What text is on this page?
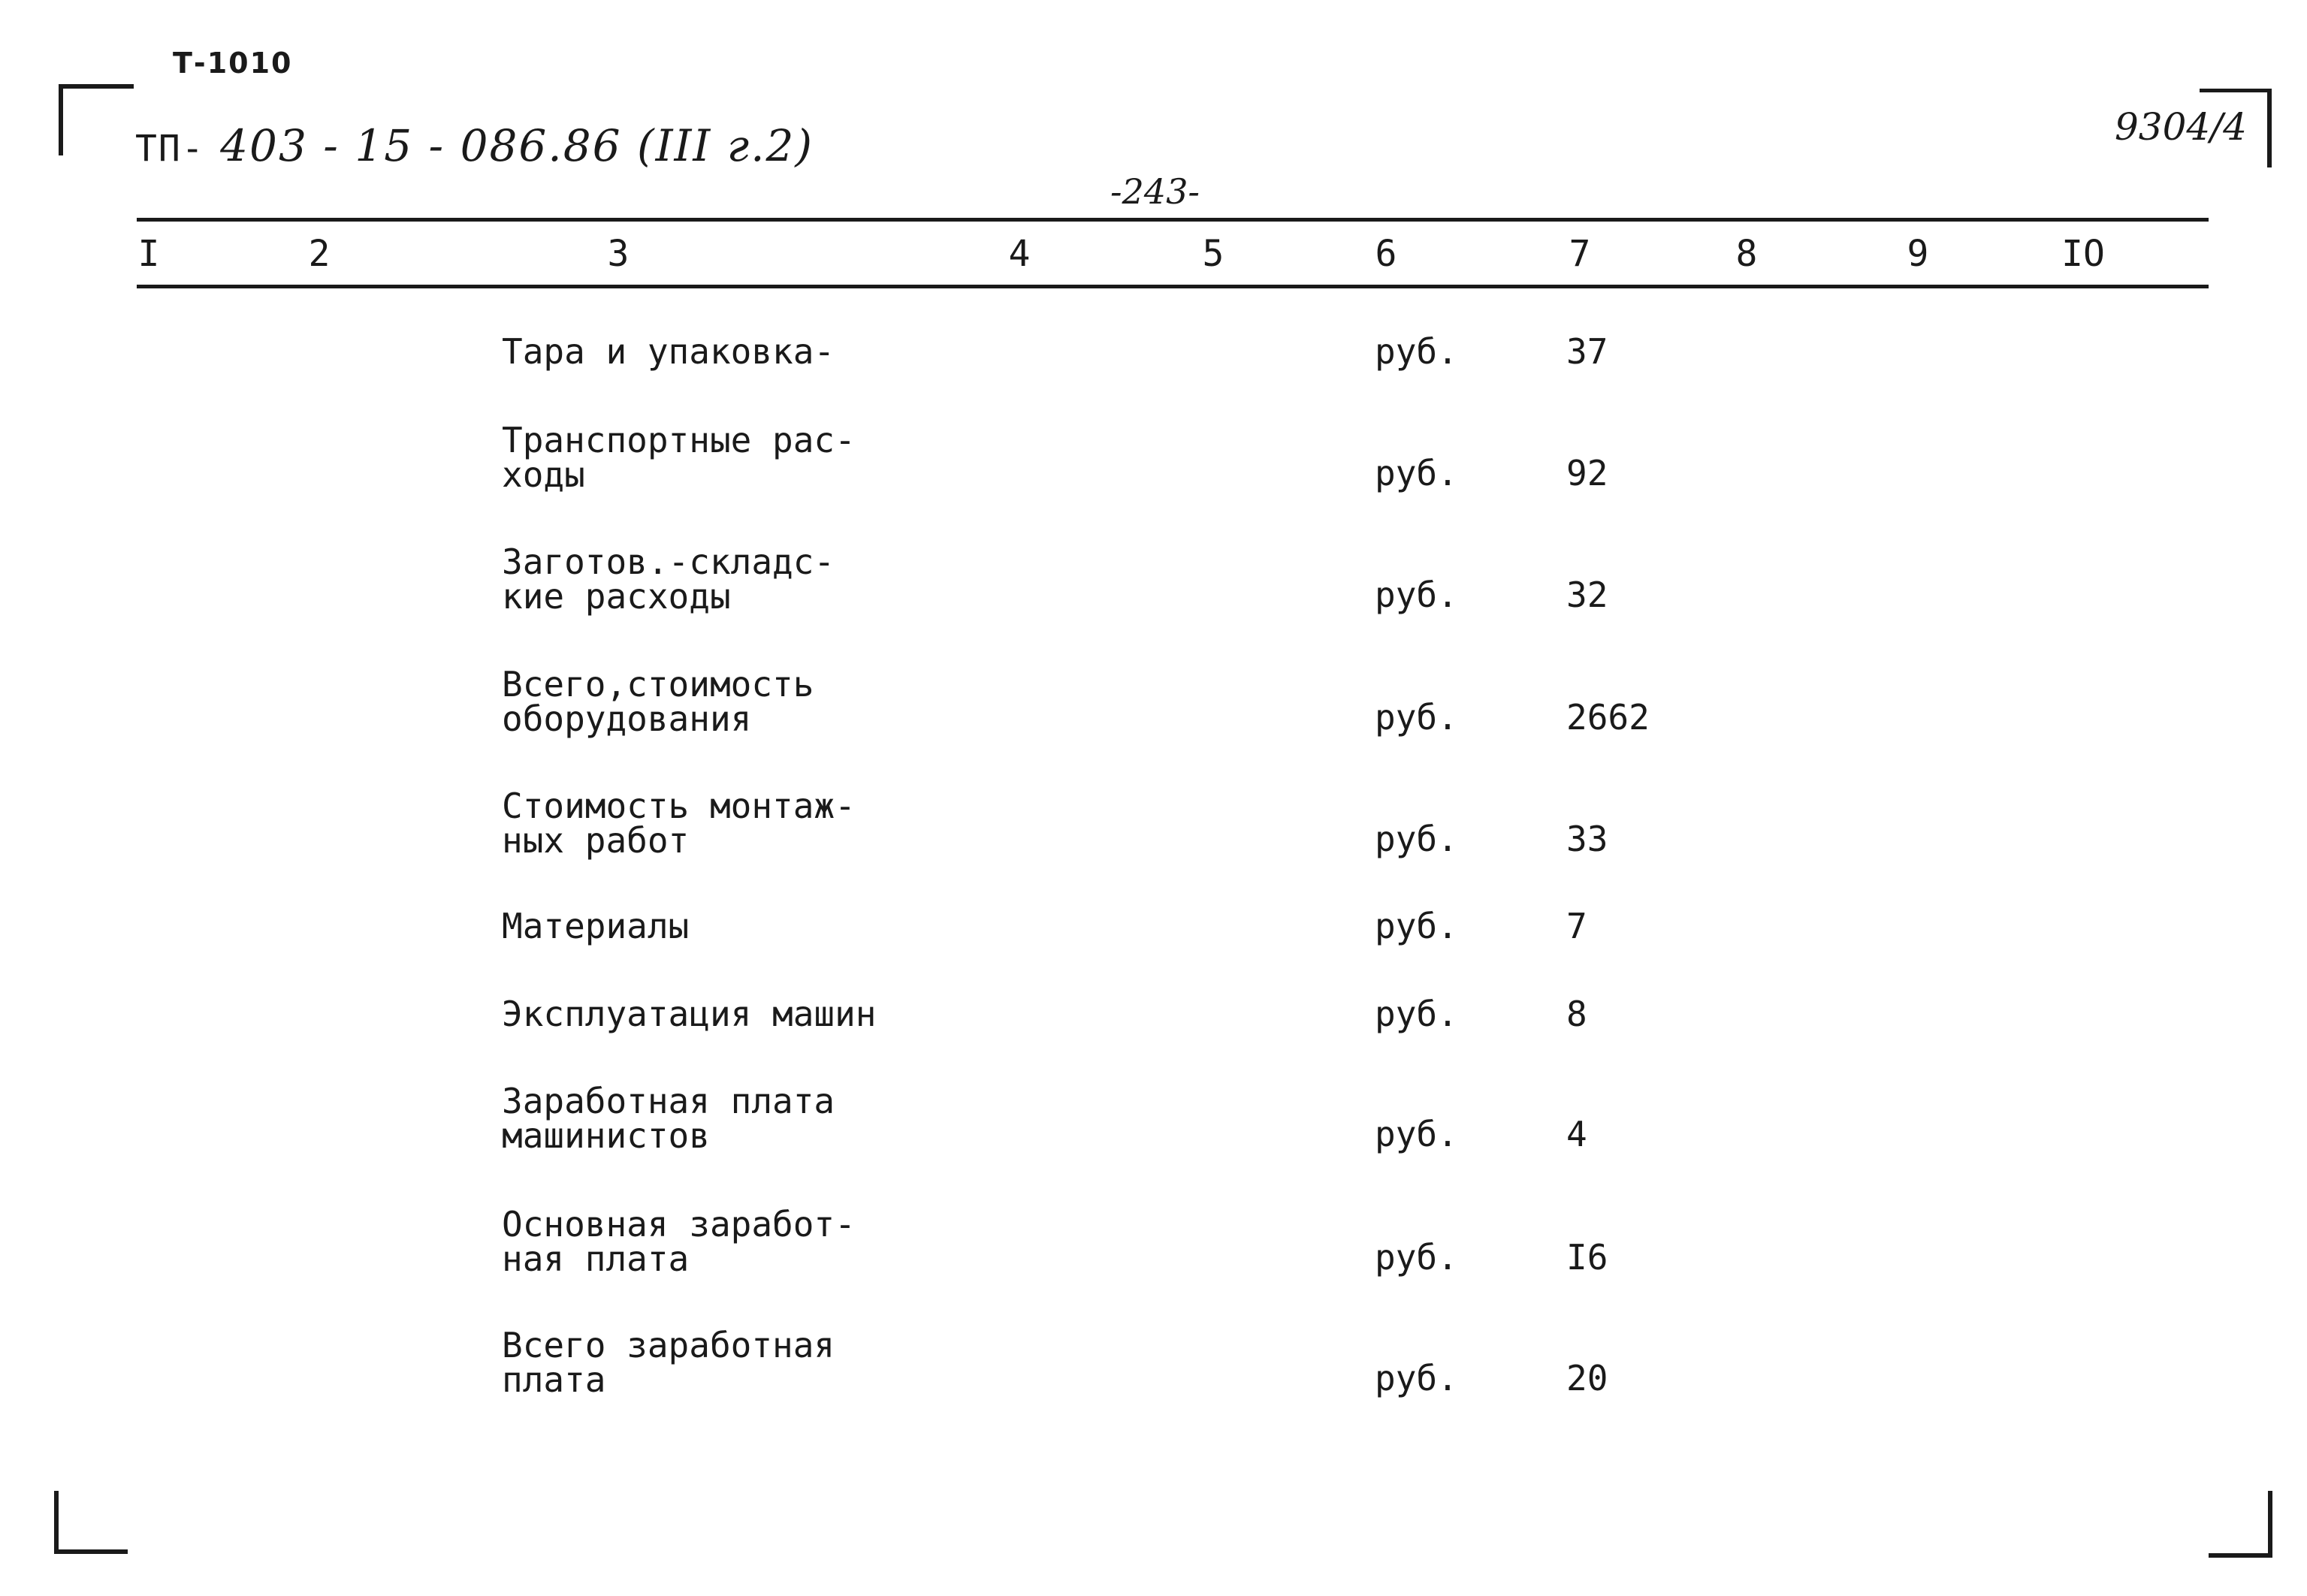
Т-1010
ТП- 403 - 15 - 086.86 (III г.2)
-243-
9304/4
I	2	3	4	5	6	7	8	9	IO
Тара и упаковка-	руб.	37
Транспортные рас-
ходы	руб.	92
Заготов.-складс-
кие расходы	руб.	32
Всего,стоимость
оборудования	руб.	2662
Стоимость монтаж-
ных работ	руб.	33
Материалы	руб.	7
Эксплуатация машин	руб.	8
Заработная плата
машинистов	руб.	4
Основная заработ-
ная плата	руб.	I6
Всего заработная
плата	руб.	20
